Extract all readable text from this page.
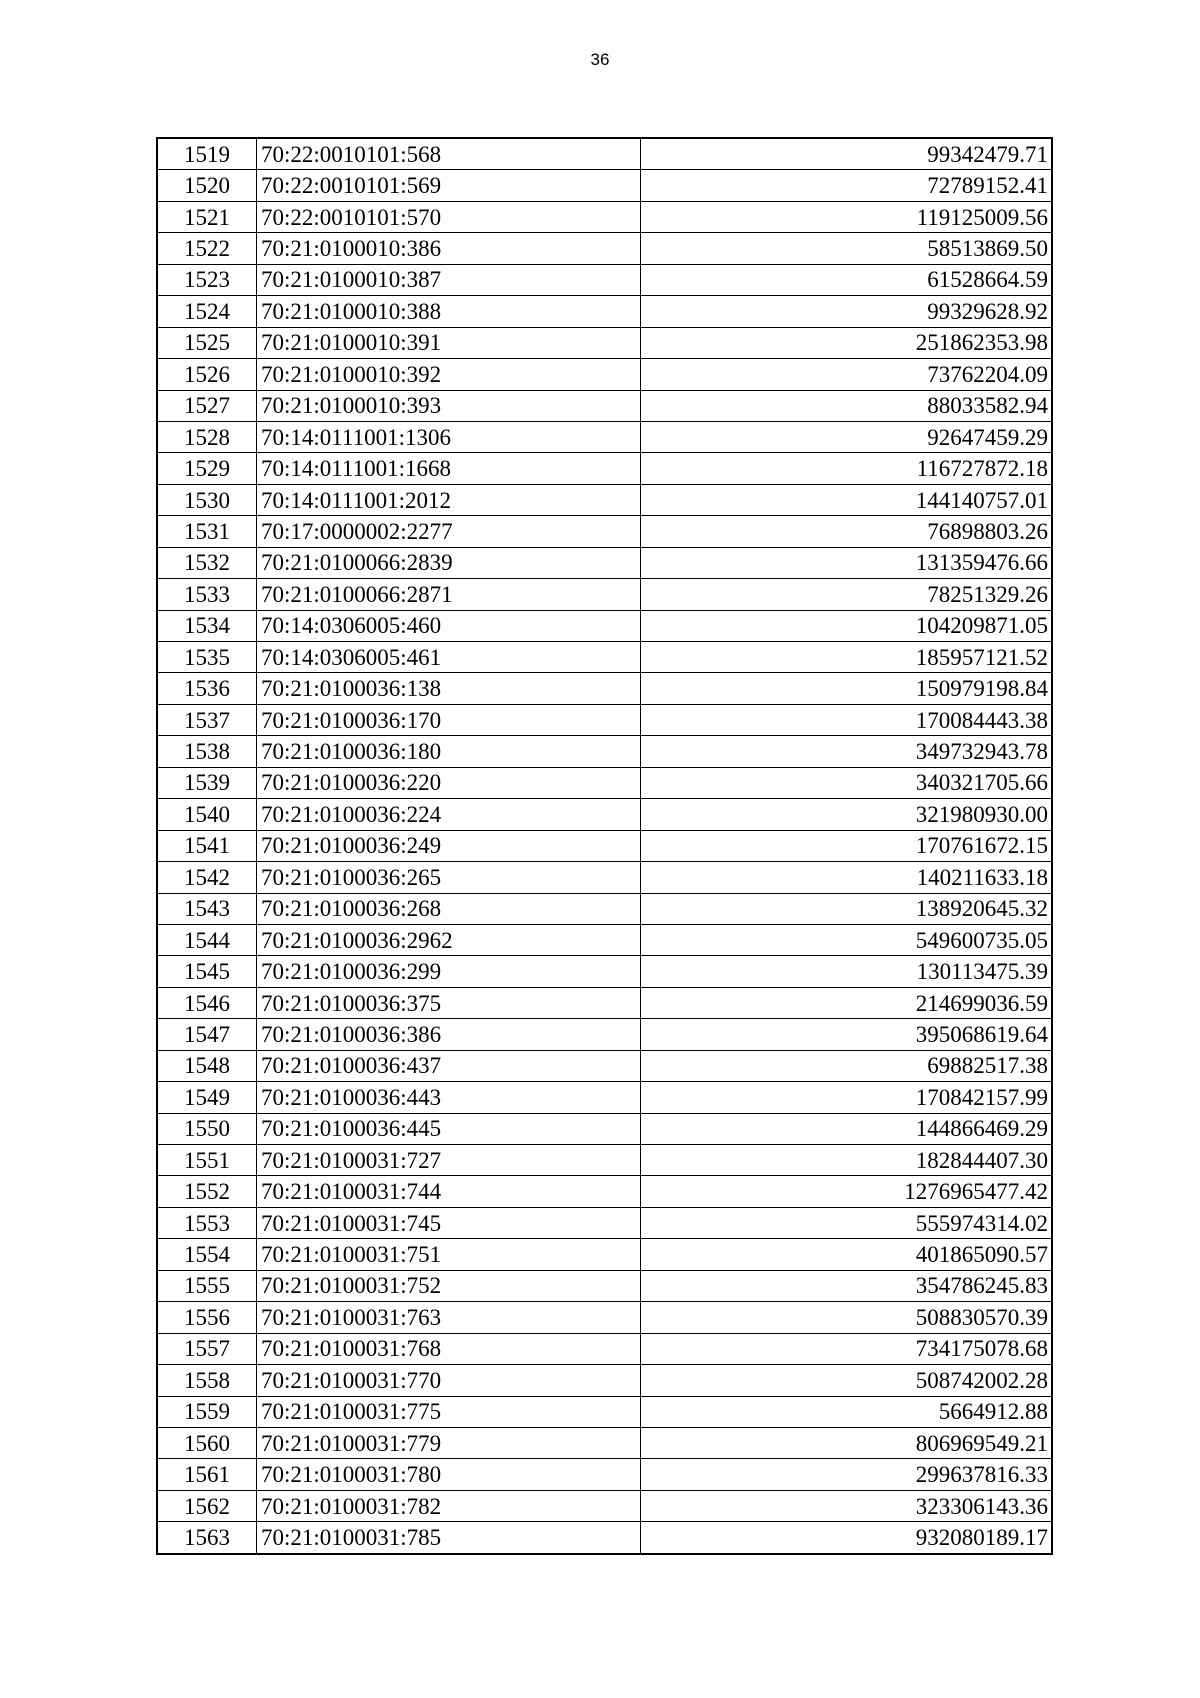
36
1519	70:22:0010101:568	99342479.71
1520	70:22:0010101:569	72789152.41
1521	70:22:0010101:570	119125009.56
1522	70:21:0100010:386	58513869.50
1523	70:21:0100010:387	61528664.59
1524	70:21:0100010:388	99329628.92
1525	70:21:0100010:391	251862353.98
1526	70:21:0100010:392	73762204.09
1527	70:21:0100010:393	88033582.94
1528	70:14:0111001:1306	92647459.29
1529	70:14:0111001:1668	116727872.18
1530	70:14:0111001:2012	144140757.01
1531	70:17:0000002:2277	76898803.26
1532	70:21:0100066:2839	131359476.66
1533	70:21:0100066:2871	78251329.26
1534	70:14:0306005:460	104209871.05
1535	70:14:0306005:461	185957121.52
1536	70:21:0100036:138	150979198.84
1537	70:21:0100036:170	170084443.38
1538	70:21:0100036:180	349732943.78
1539	70:21:0100036:220	340321705.66
1540	70:21:0100036:224	321980930.00
1541	70:21:0100036:249	170761672.15
1542	70:21:0100036:265	140211633.18
1543	70:21:0100036:268	138920645.32
1544	70:21:0100036:2962	549600735.05
1545	70:21:0100036:299	130113475.39
1546	70:21:0100036:375	214699036.59
1547	70:21:0100036:386	395068619.64
1548	70:21:0100036:437	69882517.38
1549	70:21:0100036:443	170842157.99
1550	70:21:0100036:445	144866469.29
1551	70:21:0100031:727	182844407.30
1552	70:21:0100031:744	1276965477.42
1553	70:21:0100031:745	555974314.02
1554	70:21:0100031:751	401865090.57
1555	70:21:0100031:752	354786245.83
1556	70:21:0100031:763	508830570.39
1557	70:21:0100031:768	734175078.68
1558	70:21:0100031:770	508742002.28
1559	70:21:0100031:775	5664912.88
1560	70:21:0100031:779	806969549.21
1561	70:21:0100031:780	299637816.33
1562	70:21:0100031:782	323306143.36
1563	70:21:0100031:785	932080189.17
